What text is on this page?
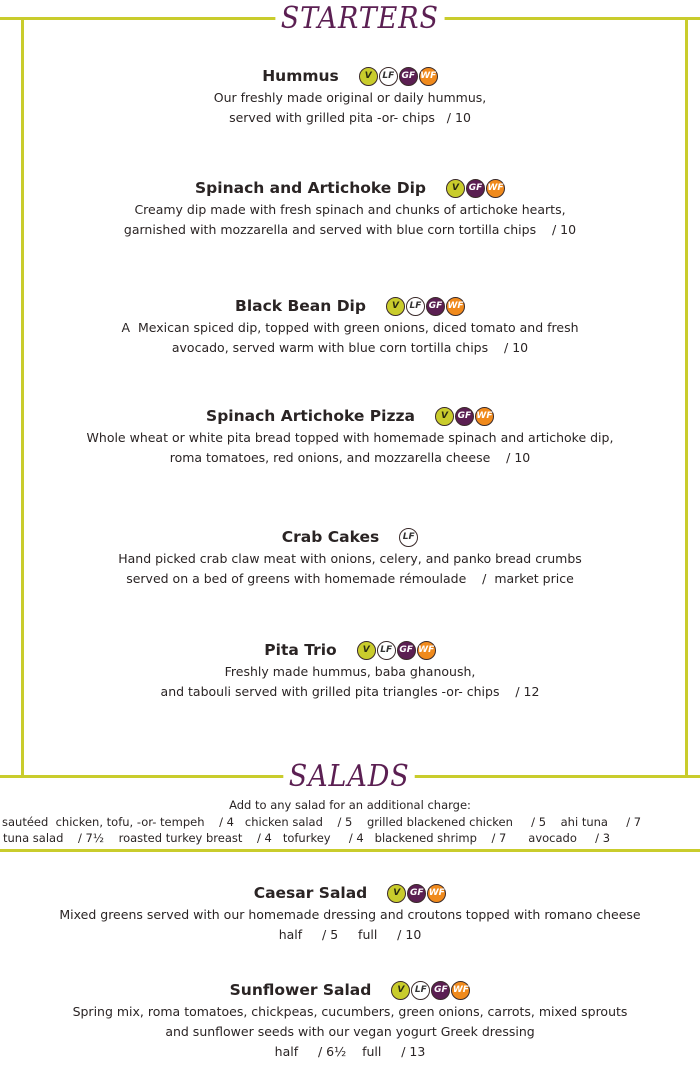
STARTERS
Hummus	V	LF GF WF
Our freshly made original or daily hummus,
served with grilled pita -or- chips   / 10
Spinach and Artichoke Dip	V	GF WF
Creamy dip made with fresh spinach and chunks of artichoke hearts,
garnished with mozzarella and served with blue corn tortilla chips    / 10
Black Bean Dip	V	LF GF WF
A  Mexican spiced dip, topped with green onions, diced tomato and fresh
avocado, served warm with blue corn tortilla chips    / 10
Spinach Artichoke Pizza	V	GF WF
Whole wheat or white pita bread topped with homemade spinach and artichoke dip,
roma tomatoes, red onions, and mozzarella cheese    / 10
Crab Cakes	LF
Hand picked crab claw meat with onions, celery, and panko bread crumbs
served on a bed of greens with homemade rémoulade    /  market price
Pita Trio	V	LF GF WF
Freshly made hummus, baba ghanoush,
and tabouli served with grilled pita triangles -or- chips    / 12
SALADS
Add to any salad for an additional charge:
sautéed  chicken, tofu, -or- tempeh    / 4   chicken salad    / 5    grilled blackened chicken     / 5    ahi tuna     / 7
tuna salad    / 7½    roasted turkey breast    / 4   tofurkey     / 4   blackened shrimp    / 7      avocado     / 3
Caesar Salad	V	GF WF
Mixed greens served with our homemade dressing and croutons topped with romano cheese
half     / 5     full     / 10
Sunflower Salad	V	LF GF WF
Spring mix, roma tomatoes, chickpeas, cucumbers, green onions, carrots, mixed sprouts
and sunflower seeds with our vegan yogurt Greek dressing
half     / 6½    full     / 13
